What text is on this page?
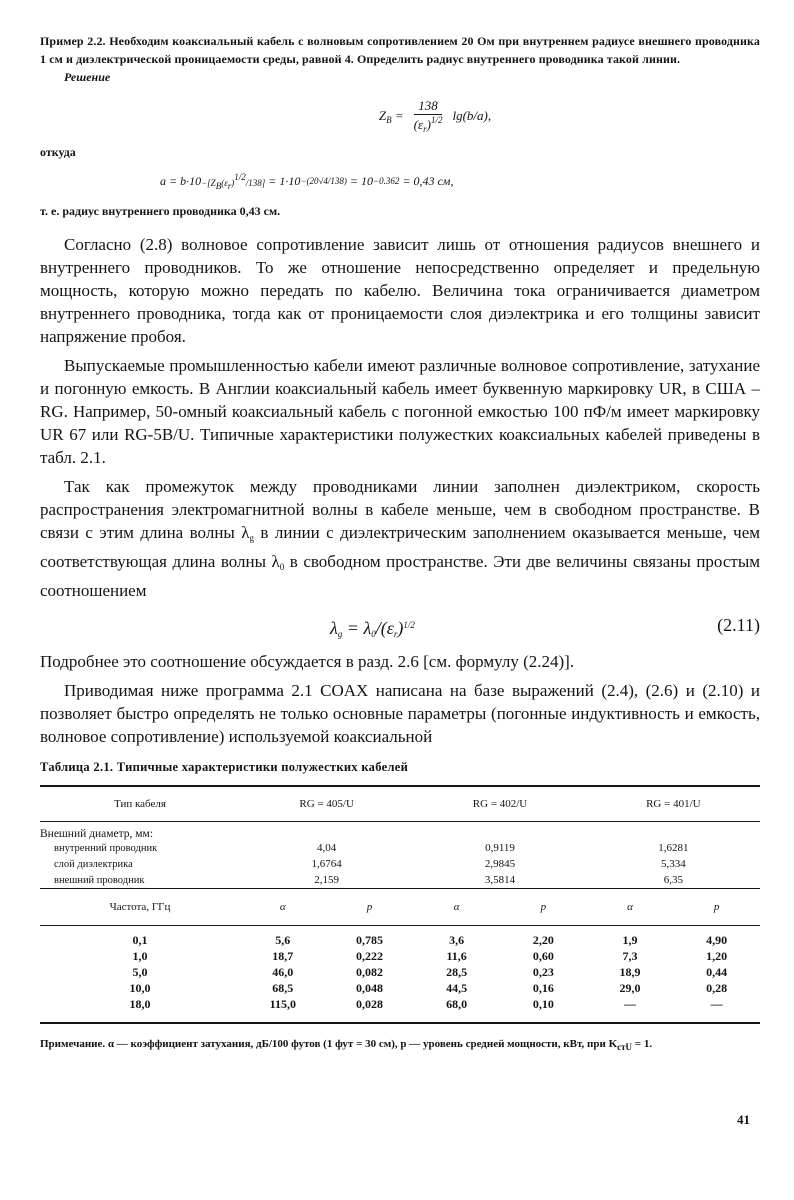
Пример 2.2. Необходим коаксиальный кабель с волновым сопротивлением 20 Ом при внутреннем радиусе внешнего проводника 1 см и диэлектрической проницаемости среды, равной 4. Определить радиус внутреннего проводника такой линии.

Решение
$Z_В = \frac{138}{(\varepsilon_r)^{1/2}} \lg(b/a)$,
откуда
$a = b\cdot 10 -[Z_В(\varepsilon_r)^{1/2}/138]$
= 1·10 −(20√4/138)
= 10 −0.362
= 0,43 см,
т. е. радиус внутреннего проводника 0,43 см.

Согласно (2.8) волновое сопротивление зависит лишь от отношения радиусов внешнего и внутреннего проводников. То же отношение непосредственно определяет и предельную мощность, которую можно передать по кабелю. Величина тока ограничивается диаметром внутреннего проводника, тогда как от проницаемости слоя диэлектрика и его толщины зависит напряжение пробоя.

Выпускаемые промышленностью кабели имеют различные волновое сопротивление, затухание и погонную емкость. В Англии коаксиальный кабель имеет буквенную маркировку UR, в США – RG. Например, 50-омный коаксиальный кабель с погонной емкостью 100 пФ/м имеет маркировку UR 67 или RG-5B/U. Типичные характеристики полужестких коаксиальных кабелей приведены в табл. 2.1.

Так как промежуток между проводниками линии заполнен диэлектриком, скорость распространения электромагнитной волны в кабеле меньше, чем в свободном пространстве. В связи с этим длина волны $\lambda_g$ в линии с диэлектрическим заполнением оказывается меньше, чем соответствующая длина волны $\lambda_0$ в свободном пространстве. Эти две величины связаны простым соотношением

$\lambda_g = \lambda_0/(\varepsilon_r)^{1/2}$	(2.11)

Подробнее это соотношение обсуждается в разд. 2.6 [см. формулу (2.24)].

Приводимая ниже программа 2.1 COAX написана на базе выражений (2.4), (2.6) и (2.10) и позволяет быстро определять не только основные параметры (погонные индуктивность и емкость, волновое сопротивление) используемой коаксиальной

Таблица 2.1. Типичные характеристики полужестких кабелей
Тип кабеля	RG = 405/U		RG = 402/U		RG = 401/U	
Внешний диаметр, мм:						
внутренний проводник	4,04		0,9119		1,6281	
слой диэлектрика	1,6764		2,9845		5,334	
внешний проводник	2,159		3,5814		6,35	
Частота, ГГц	α	p	α	p	α	p
0,1	5,6	0,785	3,6	2,20	1,9	4,90
1,0	18,7	0,222	11,6	0,60	7,3	1,20
5,0	46,0	0,082	28,5	0,23	18,9	0,44
10,0	68,5	0,048	44,5	0,16	29,0	0,28
18,0	115,0	0,028	68,0	0,10	—	—

Примечание. α — коэффициент затухания, дБ/100 футов (1 фут = 30 см), p — уровень средней мощности, кВт, при $K_{стU} = 1$.

41
